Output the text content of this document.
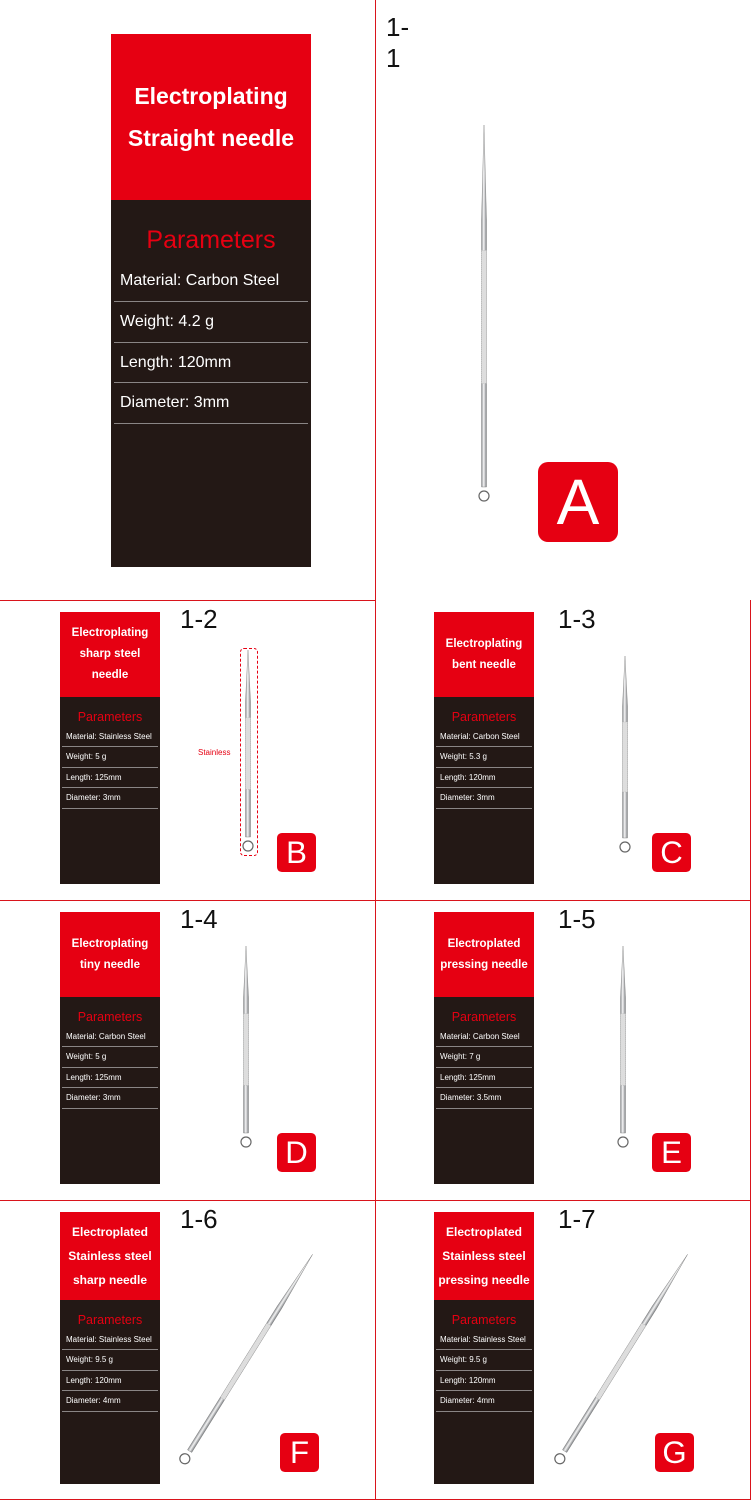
Electroplating
Straight needle
Parameters
Material: Carbon Steel
Weight: 4.2 g
Length: 120mm
Diameter: 3mm
1-1
A
Electroplating
sharp steel needle
Parameters
Material: Stainless Steel
Weight: 5 g
Length: 125mm
Diameter: 3mm
1-2
B
Stainless
Electroplating
bent needle
Parameters
Material: Carbon Steel
Weight: 5.3 g
Length: 120mm
Diameter: 3mm
1-3
C
Electroplating
tiny needle
Parameters
Material: Carbon Steel
Weight: 5 g
Length: 125mm
Diameter: 3mm
1-4
D
Electroplated
pressing needle
Parameters
Material: Carbon Steel
Weight: 7 g
Length: 125mm
Diameter: 3.5mm
1-5
E
Electroplated
Stainless steel
sharp needle
Parameters
Material: Stainless Steel
Weight: 9.5 g
Length: 120mm
Diameter: 4mm
1-6
F
Electroplated
Stainless steel
pressing needle
Parameters
Material: Stainless Steel
Weight: 9.5 g
Length: 120mm
Diameter: 4mm
1-7
G
